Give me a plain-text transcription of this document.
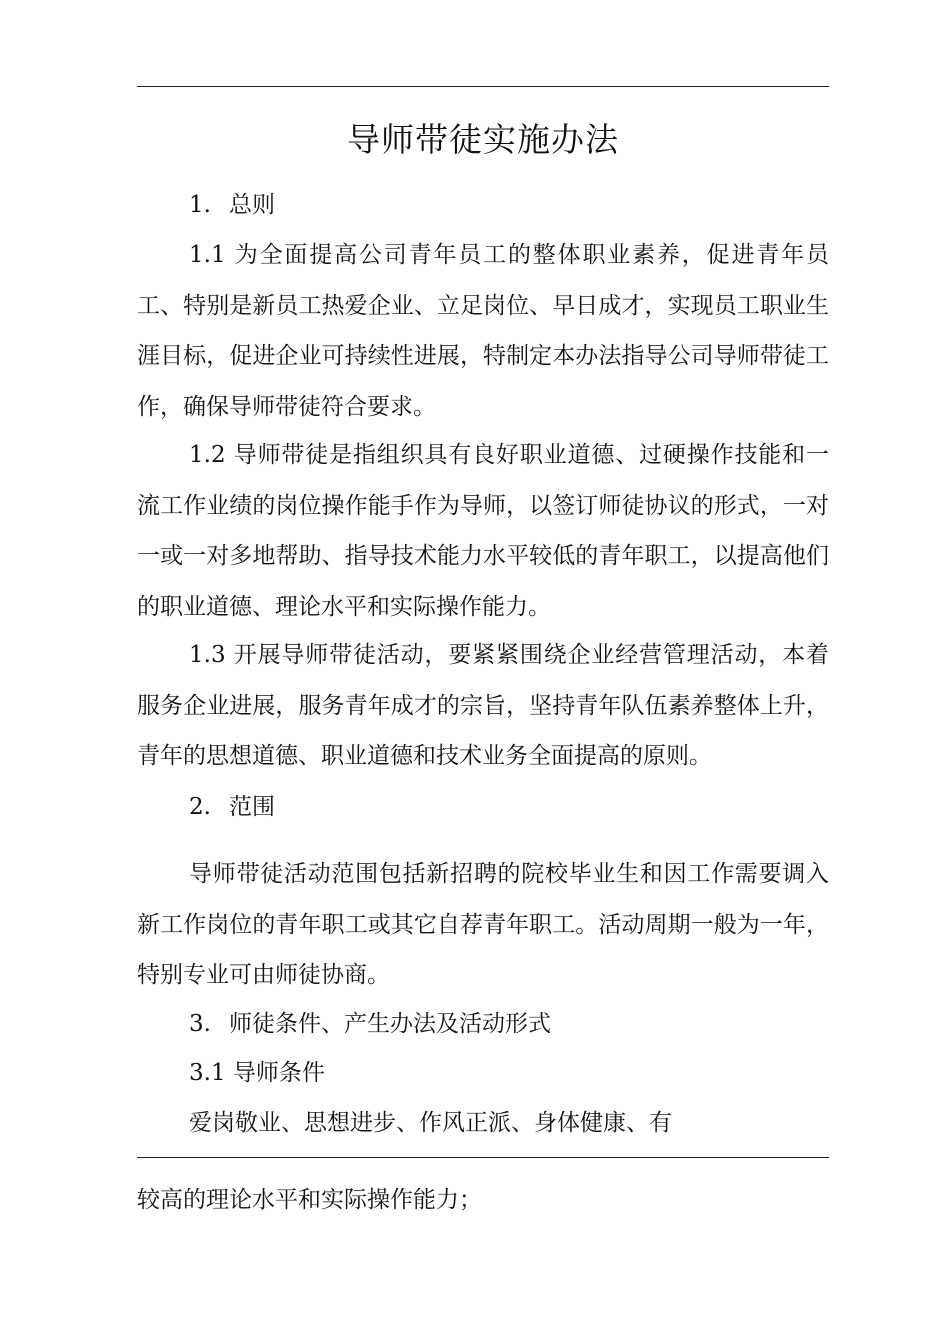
导师带徒实施办法
1. 总则

1.1 为全面提高公司青年员工的整体职业素养，促进青年员工、特别是新员工热爱企业、立足岗位、早日成才，实现员工职业生涯目标，促进企业可持续性进展，特制定本办法指导公司导师带徒工作，确保导师带徒符合要求。

1.2 导师带徒是指组织具有良好职业道德、过硬操作技能和一流工作业绩的岗位操作能手作为导师，以签订师徒协议的形式，一对一或一对多地帮助、指导技术能力水平较低的青年职工，以提高他们的职业道德、理论水平和实际操作能力。

1.3 开展导师带徒活动，要紧紧围绕企业经营管理活动，本着服务企业进展，服务青年成才的宗旨，坚持青年队伍素养整体上升，青年的思想道德、职业道德和技术业务全面提高的原则。

2. 范围

导师带徒活动范围包括新招聘的院校毕业生和因工作需要调入新工作岗位的青年职工或其它自荐青年职工。活动周期一般为一年，特别专业可由师徒协商。

3. 师徒条件、产生办法及活动形式
3.1 导师条件
爱岗敬业、思想进步、作风正派、身体健康、有
较高的理论水平和实际操作能力；
